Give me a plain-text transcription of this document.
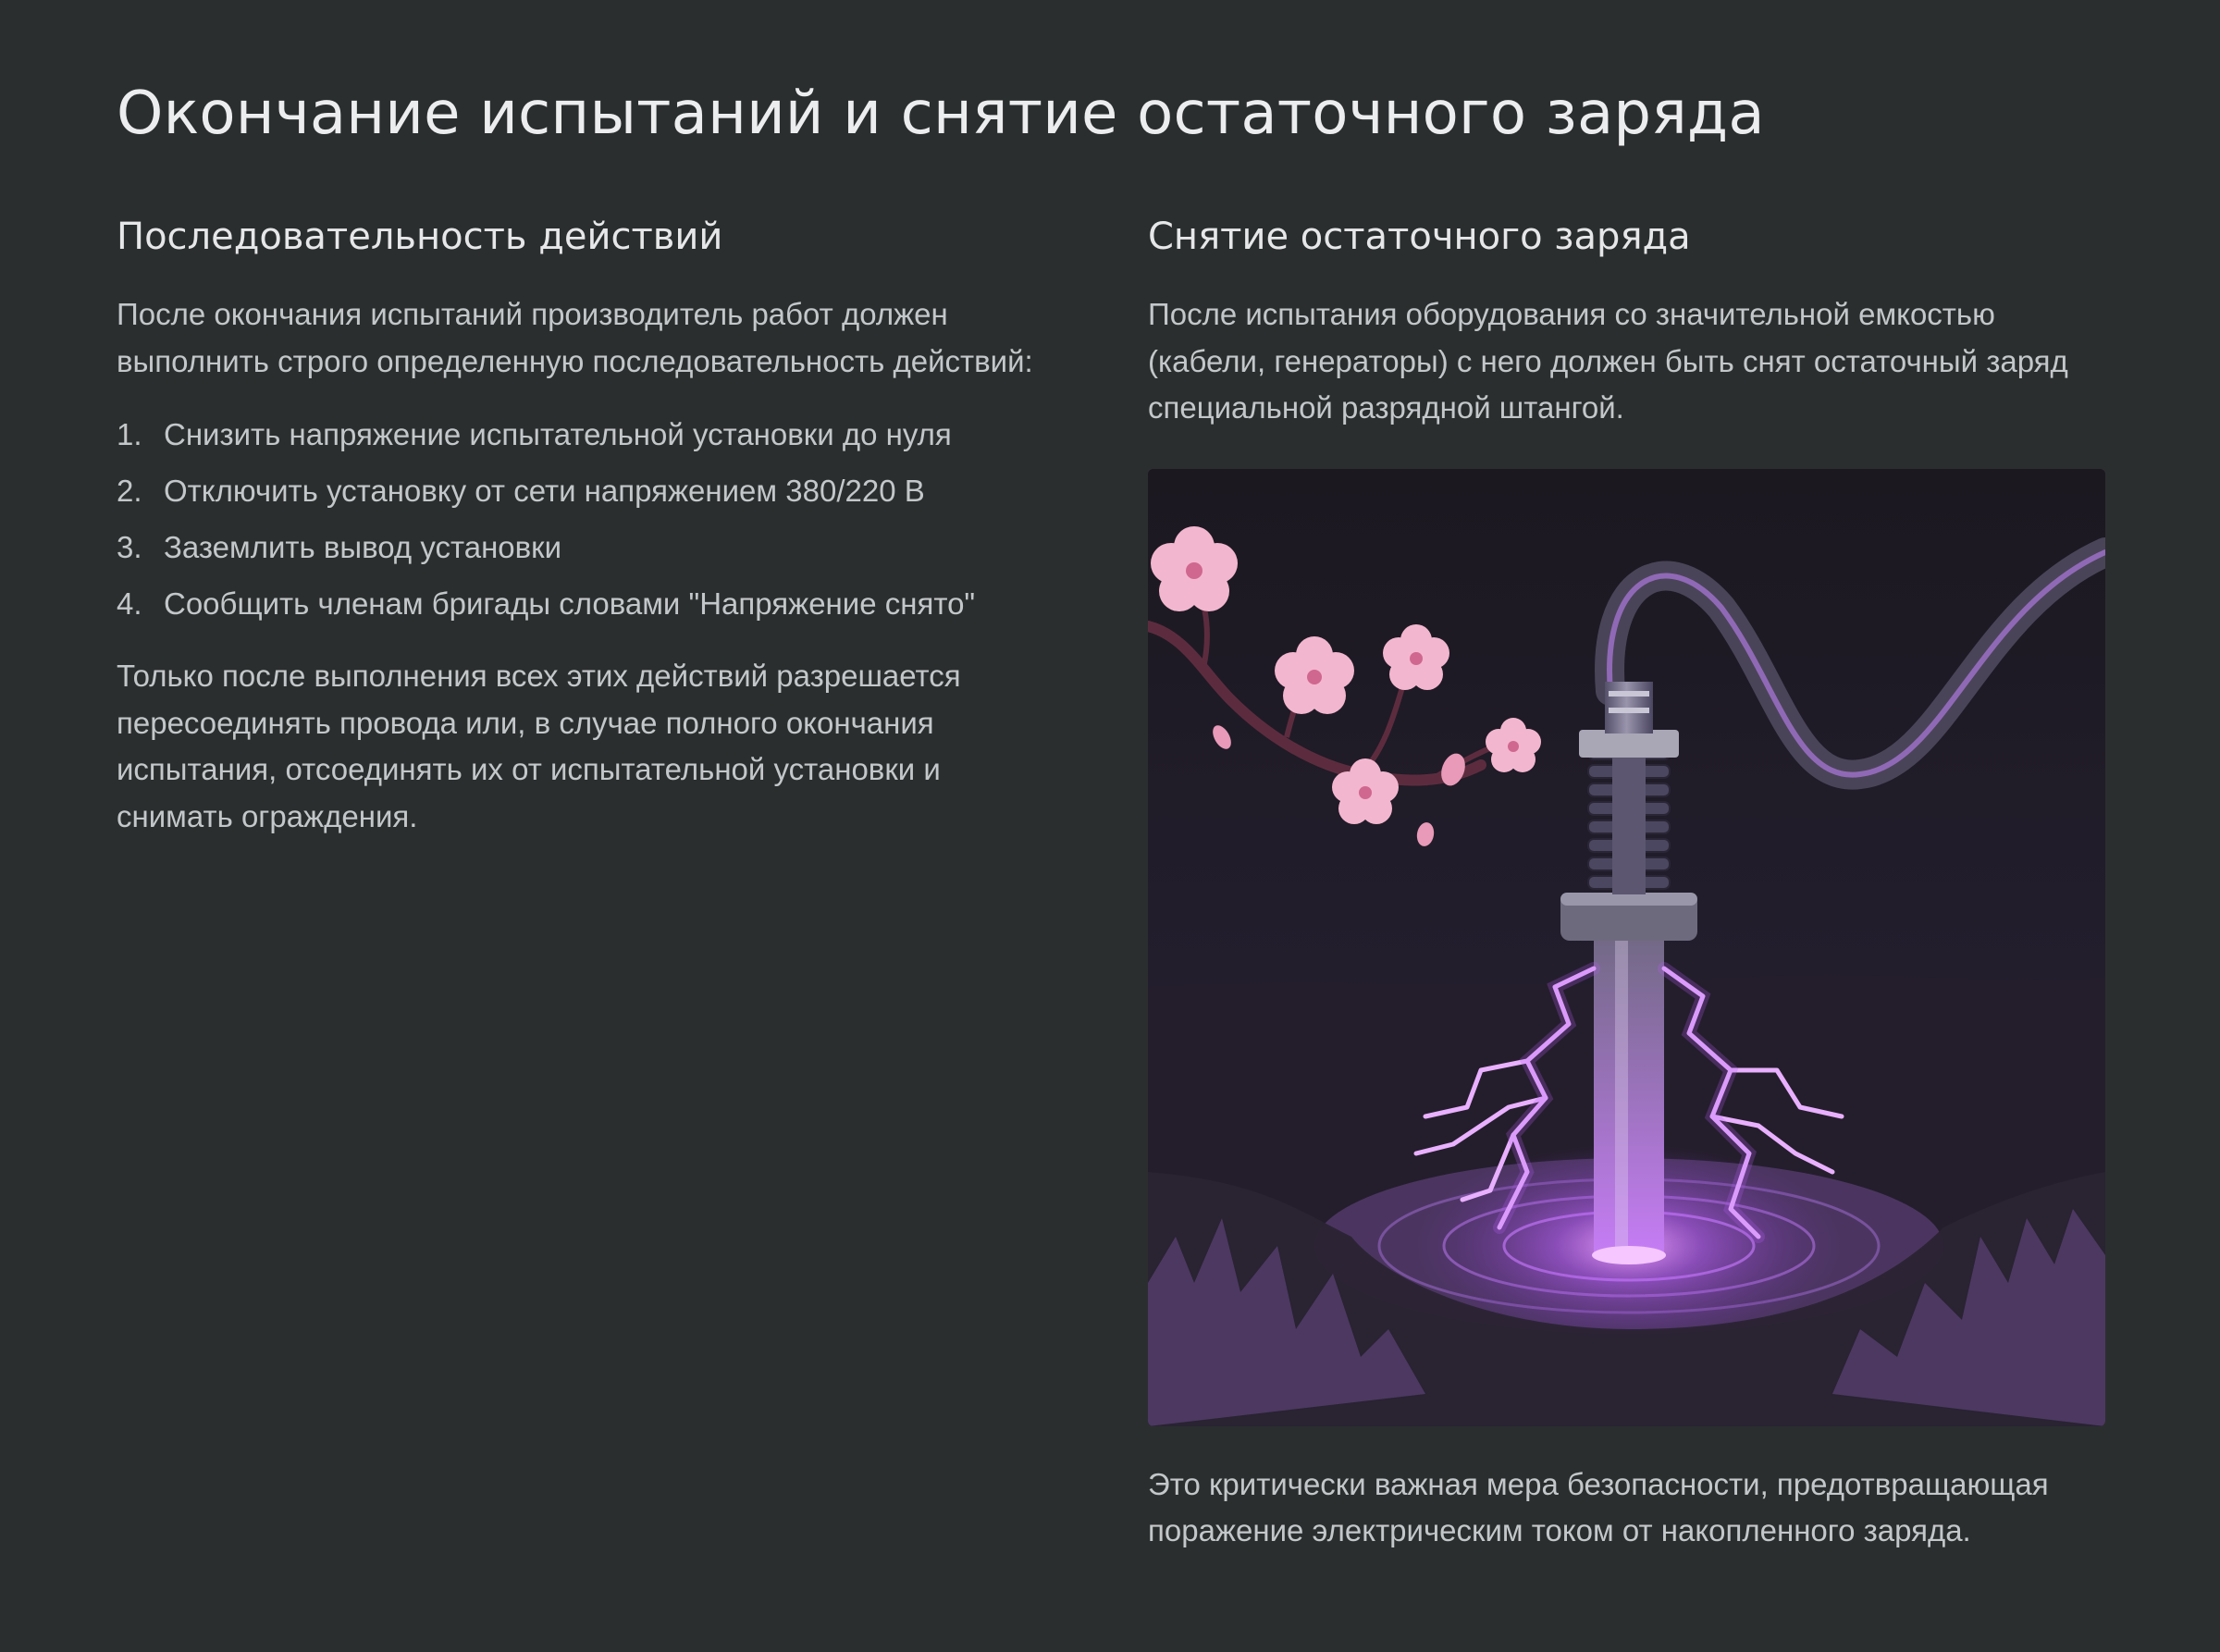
Окончание испытаний и снятие остаточного заряда
Последовательность действий

После окончания испытаний производитель работ должен выполнить строго определенную последовательность действий:

1. Снизить напряжение испытательной установки до нуля
2. Отключить установку от сети напряжением 380/220 В
3. Заземлить вывод установки
4. Сообщить членам бригады словами "Напряжение снято"

Только после выполнения всех этих действий разрешается пересоединять провода или, в случае полного окончания испытания, отсоединять их от испытательной установки и снимать ограждения.

Снятие остаточного заряда

После испытания оборудования со значительной емкостью (кабели, генераторы) с него должен быть снят остаточный заряд специальной разрядной штангой.

Это критически важная мера безопасности, предотвращающая поражение электрическим током от накопленного заряда.
